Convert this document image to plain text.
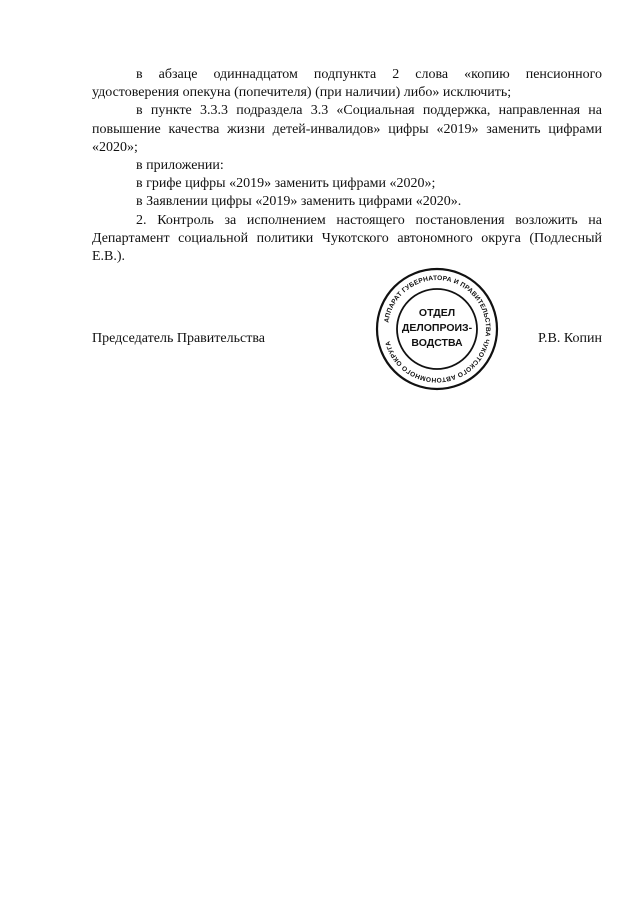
в абзаце одиннадцатом подпункта 2 слова «копию пенсионного удостоверения опекуна (попечителя) (при наличии) либо» исключить;

в пункте 3.3.3 подраздела 3.3 «Социальная поддержка, направленная на повышение качества жизни детей-инвалидов» цифры «2019» заменить цифрами «2020»;

в приложении:

в грифе цифры «2019» заменить цифрами «2020»;

в Заявлении цифры «2019» заменить цифрами «2020».

2. Контроль за исполнением настоящего постановления возложить на Департамент социальной политики Чукотского автономного округа (Подлесный Е.В.).

Председатель Правительства	Р.В. Копин
АППАРАТ ГУБЕРНАТОРА И ПРАВИТЕЛЬСТВА ЧУКОТСКОГО АВТОНОМНОГО ОКРУГА
ОТДЕЛ
ДЕЛОПРОИЗ-
ВОДСТВА
